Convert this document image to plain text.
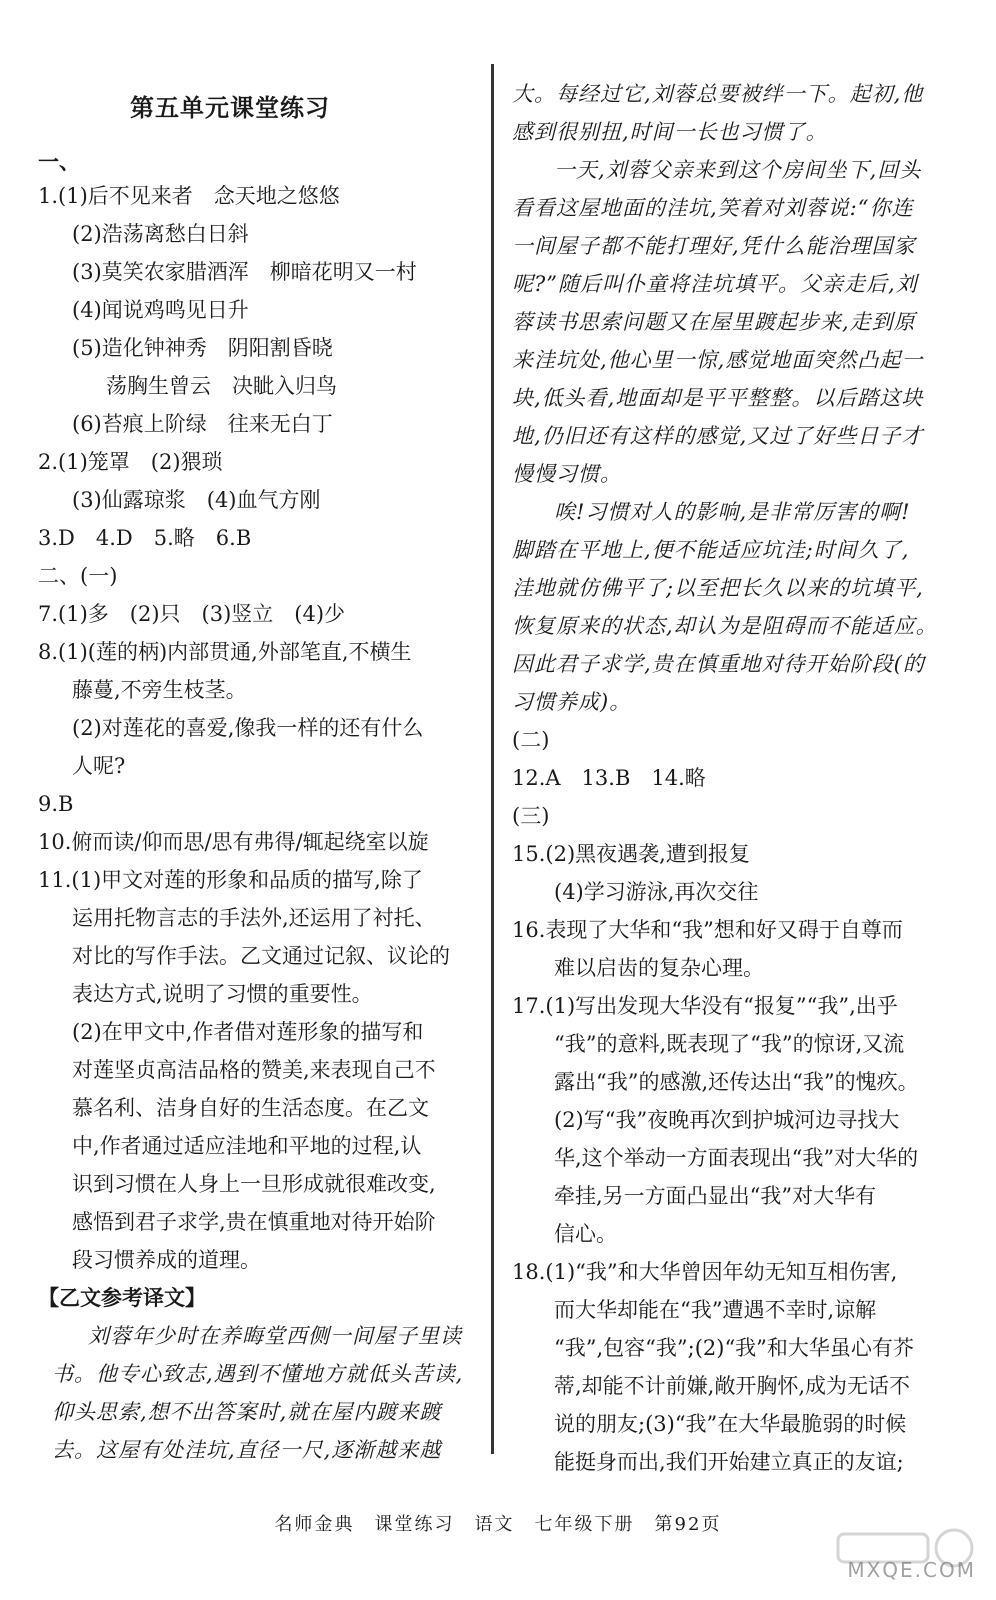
第五单元课堂练习
一、
1.(1)后不见来者　念天地之悠悠
(2)浩荡离愁白日斜
(3)莫笑农家腊酒浑　柳暗花明又一村
(4)闻说鸡鸣见日升
(5)造化钟神秀　阴阳割昏晓
荡胸生曾云　决眦入归鸟
(6)苔痕上阶绿　往来无白丁
2.(1)笼罩　(2)猥琐
(3)仙露琼浆　(4)血气方刚
3.D　4.D　5.略　6.B
二、(一)
7.(1)多　(2)只　(3)竖立　(4)少
8.(1)(莲的柄)内部贯通,外部笔直,不横生
藤蔓,不旁生枝茎。
(2)对莲花的喜爱,像我一样的还有什么
人呢?
9.B
10.俯而读/仰而思/思有弗得/辄起绕室以旋
11.(1)甲文对莲的形象和品质的描写,除了
运用托物言志的手法外,还运用了衬托、
对比的写作手法。乙文通过记叙、议论的
表达方式,说明了习惯的重要性。
(2)在甲文中,作者借对莲形象的描写和
对莲坚贞高洁品格的赞美,来表现自己不
慕名利、洁身自好的生活态度。在乙文
中,作者通过适应洼地和平地的过程,认
识到习惯在人身上一旦形成就很难改变,
感悟到君子求学,贵在慎重地对待开始阶
段习惯养成的道理。
【乙文参考译文】
刘蓉年少时在养晦堂西侧一间屋子里读
书。他专心致志,遇到不懂地方就低头苦读,
仰头思索,想不出答案时,就在屋内踱来踱
去。这屋有处洼坑,直径一尺,逐渐越来越
大。每经过它,刘蓉总要被绊一下。起初,他
感到很别扭,时间一长也习惯了。
一天,刘蓉父亲来到这个房间坐下,回头
看看这屋地面的洼坑,笑着对刘蓉说:“你连
一间屋子都不能打理好,凭什么能治理国家
呢?”随后叫仆童将洼坑填平。父亲走后,刘
蓉读书思索问题又在屋里踱起步来,走到原
来洼坑处,他心里一惊,感觉地面突然凸起一
块,低头看,地面却是平平整整。以后踏这块
地,仍旧还有这样的感觉,又过了好些日子才
慢慢习惯。
唉!习惯对人的影响,是非常厉害的啊!
脚踏在平地上,便不能适应坑洼;时间久了,
洼地就仿佛平了;以至把长久以来的坑填平,
恢复原来的状态,却认为是阻碍而不能适应。
因此君子求学,贵在慎重地对待开始阶段(的
习惯养成)。
(二)
12.A　13.B　14.略
(三)
15.(2)黑夜遇袭,遭到报复
(4)学习游泳,再次交往
16.表现了大华和“我”想和好又碍于自尊而
难以启齿的复杂心理。
17.(1)写出发现大华没有“报复”“我”,出乎
“我”的意料,既表现了“我”的惊讶,又流
露出“我”的感激,还传达出“我”的愧疚。
(2)写“我”夜晚再次到护城河边寻找大
华,这个举动一方面表现出“我”对大华的
牵挂,另一方面凸显出“我”对大华有
信心。
18.(1)“我”和大华曾因年幼无知互相伤害,
而大华却能在“我”遭遇不幸时,谅解
“我”,包容“我”;(2)“我”和大华虽心有芥
蒂,却能不计前嫌,敞开胸怀,成为无话不
说的朋友;(3)“我”在大华最脆弱的时候
能挺身而出,我们开始建立真正的友谊;
名师金典　课堂练习　语文　七年级下册　第92页
MXQE.COM
